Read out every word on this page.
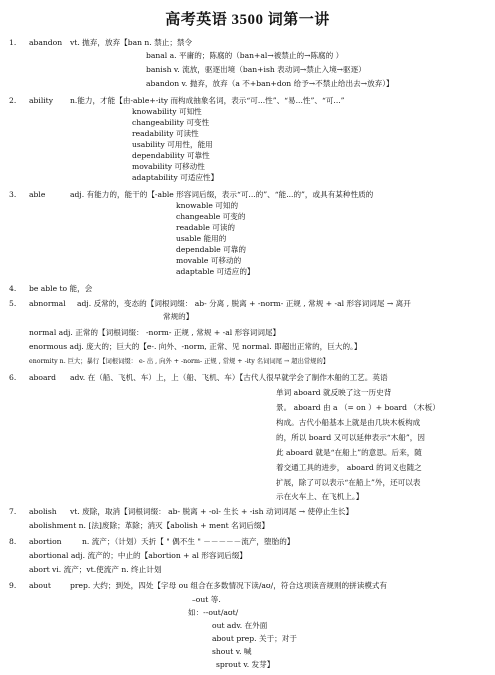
高考英语 3500 词第一讲
1. abandon vt. 抛弃，放弃【ban n. 禁止；禁令
banal a. 平庸的；陈腐的（ban+al→被禁止的→陈腐的 ）
banish v. 流放，驱逐出境（ban+ish 表动词→禁止入境→驱逐）
abandon v. 抛弃，放弃（a 不+ban+don 给予→不禁止给出去→放弃）】
2. ability n.能力，才能【由-able+-ity 而构成抽象名词，表示“可...性”、“易...性”、“可...”
knowability 可知性
changeability 可变性
readability 可读性
usability 可用性，能用
dependability 可靠性
movability 可移动性
adaptability 可适应性】
3. able	adj. 有能力的，能干的【-able 形容词后缀，表示“可...的”、“能...的”，或具有某种性质的
knowable 可知的
changeable 可变的
readable 可读的
usable 能用的
dependable 可靠的
movable 可移动的
adaptable 可适应的】
4. be able to 能，会
5. abnormal adj. 反常的，变态的【词根词缀： ab- 分离 , 脱离 + -norm- 正规 , 常规 + -al 形容词词尾 → 离开
常规的】
normal adj. 正常的【词根词缀： -norm- 正规 , 常规 + -al 形容词词尾】
enormous adj. 庞大的；巨大的【e-. 向外、-norm, 正常、见 normal. 即超出正常的，巨大的。】
enormity n. 巨大；暴行【词根词缀： e- 出 , 向外 + -norm- 正规 , 常规 + -ity 名词词尾 → 超出常规的】
6. aboard adv. 在（船、飞机、车）上，上（船、飞机、车）【古代人很早就学会了制作木船的工艺。英语
单词 aboard 就反映了这一历史背
景。 aboard 由 a （= on ）+ board （木板）
构成。古代小船基本上就是由几块木板构成
的，所以 board 又可以延伸表示“木船”，因
此 aboard 就是“在船上”的意思。后来，随
着交通工具的进步， aboard 的词义也随之
扩展，除了可以表示“在船上”外，还可以表
示在火车上、在飞机上。】
7. abolish vt. 废除，取消【词根词缀： ab- 脱离 + -ol- 生长 + -ish 动词词尾 → 使停止生长】
abolishment n. [法]废除；革除；消灭【abolish + ment 名词后缀】
8. abortion	n. 流产；（计划）夭折【 " 偶不生 " －－－－－流产，堕胎的】
abortional adj. 流产的；中止的【abortion + al 形容词后缀】
abort vi. 流产；vt.使流产 n. 终止计划
9. about	prep. 大约；到处，四处【字母 ou 组合在多数情况下读/aʊ/，符合这项读音规则的拼读模式有
–out 等.
如：--out/aʊt/
out adv. 在外面
about prep. 关于；对于
shout v. 喊
sprout v. 发芽】
